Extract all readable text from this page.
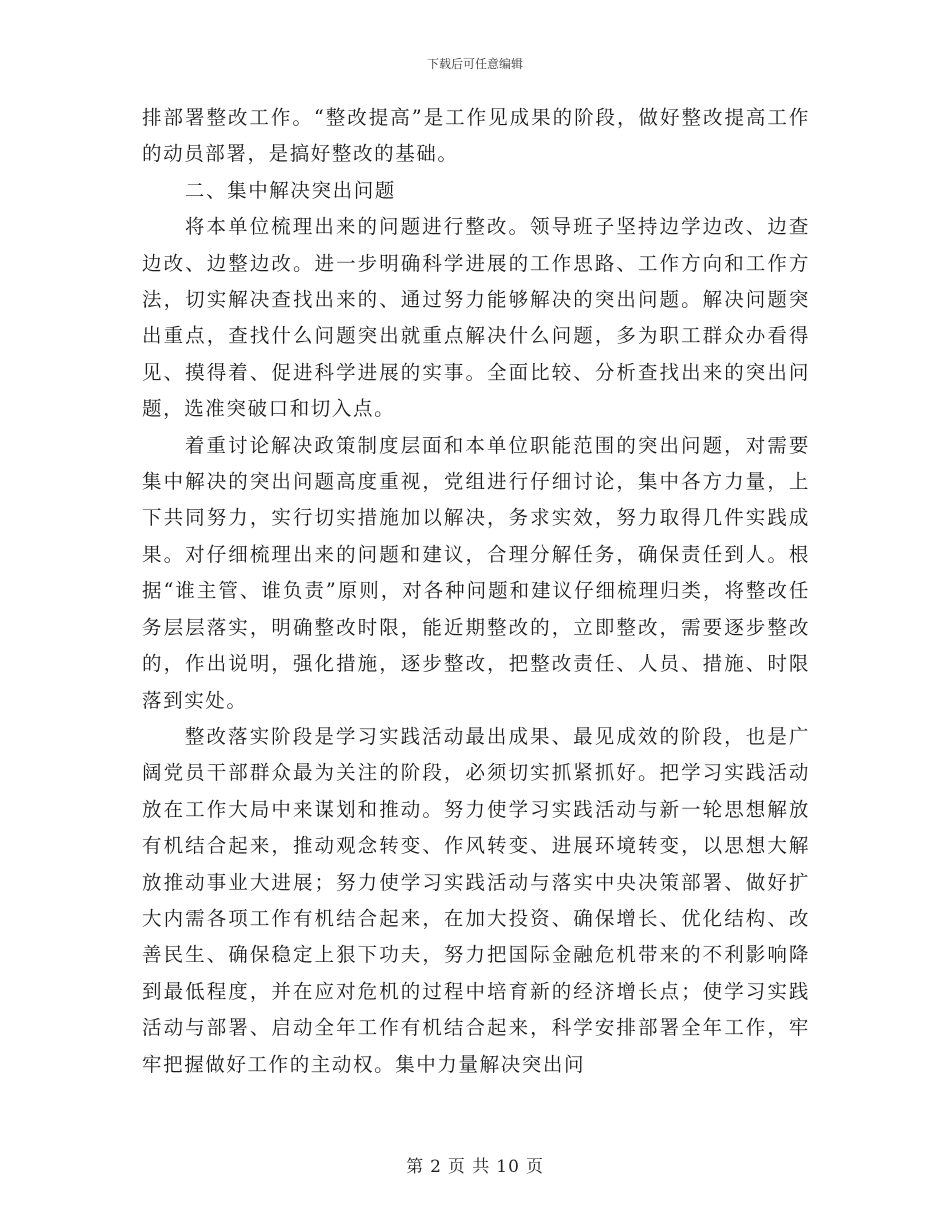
下载后可任意编辑

排部署整改工作。“整改提高”是工作见成果的阶段，做好整改提高工作的动员部署，是搞好整改的基础。

二、集中解决突出问题

将本单位梳理出来的问题进行整改。领导班子坚持边学边改、边查边改、边整边改。进一步明确科学进展的工作思路、工作方向和工作方法，切实解决查找出来的、通过努力能够解决的突出问题。解决问题突出重点，查找什么问题突出就重点解决什么问题，多为职工群众办看得见、摸得着、促进科学进展的实事。全面比较、分析查找出来的突出问题，选准突破口和切入点。

着重讨论解决政策制度层面和本单位职能范围的突出问题，对需要集中解决的突出问题高度重视，党组进行仔细讨论，集中各方力量，上下共同努力，实行切实措施加以解决，务求实效，努力取得几件实践成果。对仔细梳理出来的问题和建议，合理分解任务，确保责任到人。根据“谁主管、谁负责”原则，对各种问题和建议仔细梳理归类，将整改任务层层落实，明确整改时限，能近期整改的，立即整改，需要逐步整改的，作出说明，强化措施，逐步整改，把整改责任、人员、措施、时限落到实处。

整改落实阶段是学习实践活动最出成果、最见成效的阶段，也是广阔党员干部群众最为关注的阶段，必须切实抓紧抓好。把学习实践活动放在工作大局中来谋划和推动。努力使学习实践活动与新一轮思想解放有机结合起来，推动观念转变、作风转变、进展环境转变，以思想大解放推动事业大进展；努力使学习实践活动与落实中央决策部署、做好扩大内需各项工作有机结合起来，在加大投资、确保增长、优化结构、改善民生、确保稳定上狠下功夫，努力把国际金融危机带来的不利影响降到最低程度，并在应对危机的过程中培育新的经济增长点；使学习实践活动与部署、启动全年工作有机结合起来，科学安排部署全年工作，牢牢把握做好工作的主动权。集中力量解决突出问

第 2 页 共 10 页
